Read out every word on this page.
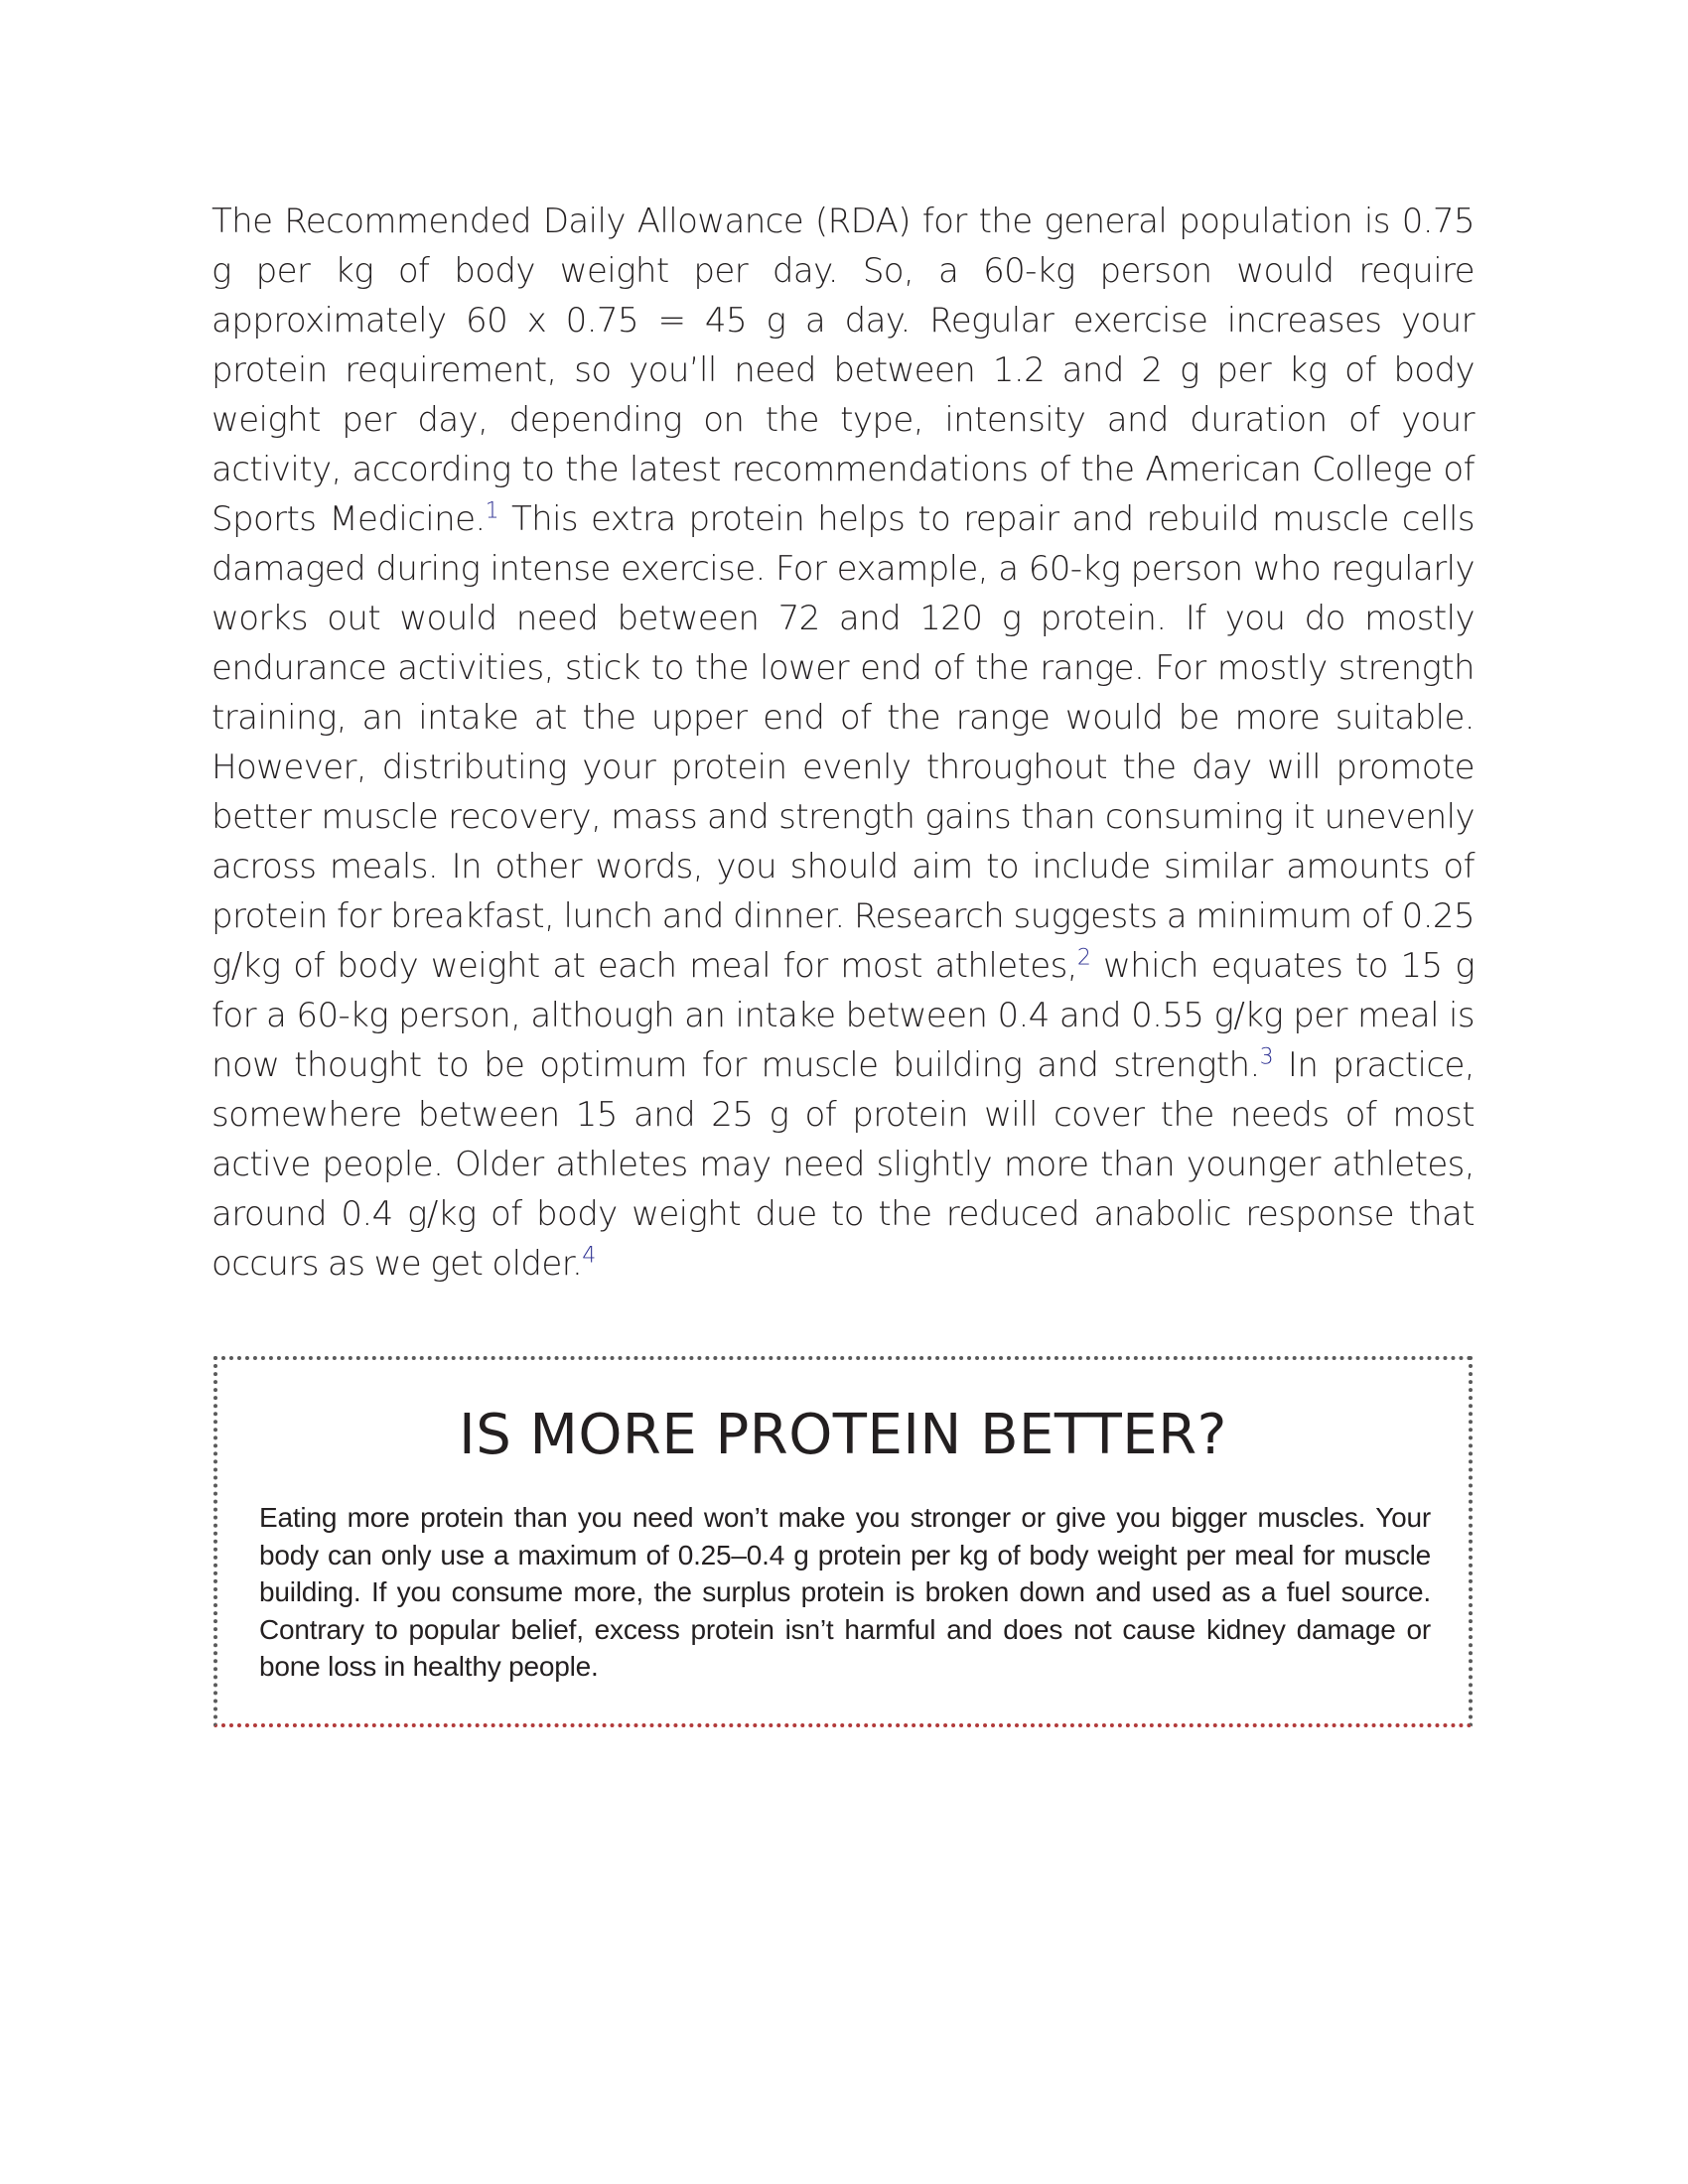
The Recommended Daily Allowance (RDA) for the general population is 0.75 g per kg of body weight per day. So, a 60-kg person would require approximately 60 x 0.75 = 45 g a day. Regular exercise increases your protein requirement, so you’ll need between 1.2 and 2 g per kg of body weight per day, depending on the type, intensity and duration of your activity, according to the latest recommendations of the American College of Sports Medicine.$^1$ This extra protein helps to repair and rebuild muscle cells damaged during intense exercise. For example, a 60-kg person who regularly works out would need between 72 and 120 g protein. If you do mostly endurance activities, stick to the lower end of the range. For mostly strength training, an intake at the upper end of the range would be more suitable. However, distributing your protein evenly throughout the day will promote better muscle recovery, mass and strength gains than consuming it unevenly across meals. In other words, you should aim to include similar amounts of protein for breakfast, lunch and dinner. Research suggests a minimum of 0.25 g/kg of body weight at each meal for most athletes,$^2$ which equates to 15 g for a 60-kg person, although an intake between 0.4 and 0.55 g/kg per meal is now thought to be optimum for muscle building and strength.$^3$ In practice, somewhere between 15 and 25 g of protein will cover the needs of most active people. Older athletes may need slightly more than younger athletes, around 0.4 g/kg of body weight due to the reduced anabolic response that occurs as we get older.$^4$

IS MORE PROTEIN BETTER?

Eating more protein than you need won’t make you stronger or give you bigger muscles. Your body can only use a maximum of 0.25–0.4 g protein per kg of body weight per meal for muscle building. If you consume more, the surplus protein is broken down and used as a fuel source. Contrary to popular belief, excess protein isn’t harmful and does not cause kidney damage or bone loss in healthy people.
